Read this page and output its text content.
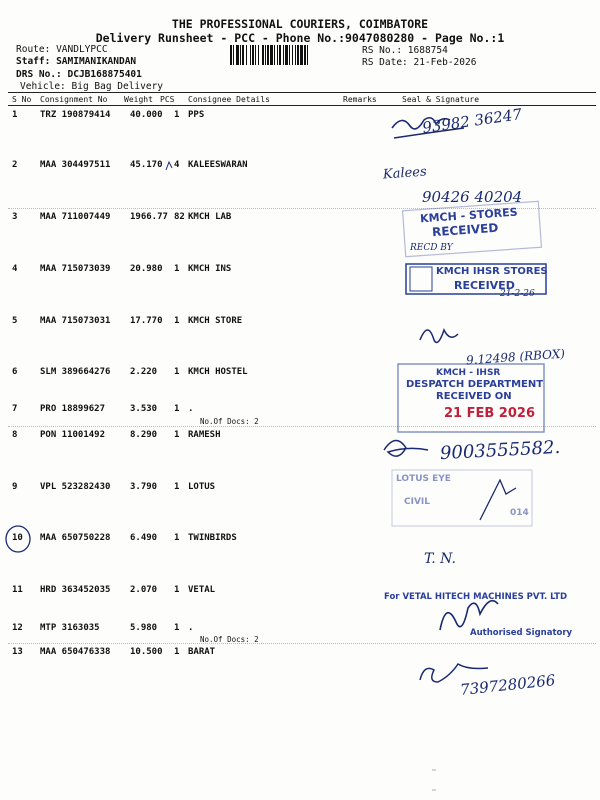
THE PROFESSIONAL COURIERS, COIMBATORE
Delivery Runsheet - PCC - Phone No.:9047080280 - Page No.:1
Route: VANDLYPCC
Staff: SAMIMANIKANDAN
DRS No.: DCJB168875401
Vehicle: Big Bag Delivery
RS No.: 1688754
RS Date: 21-Feb-2026
S No Consignment No Weight PCS Consignee Details	Remarks	Seal & Signature
1	TRZ 190879414 40.000 1 PPS
2	MAA 304497511 45.170 4 KALEESWARAN
3	MAA 711007449 1966.77 82 KMCH LAB
4	MAA 715073039 20.980 1 KMCH INS
5	MAA 715073031 17.770 1 KMCH STORE
6	SLM 389664276 2.220 1 KMCH HOSTEL
7	PRO 18899627	3.530 1 .
No.Of Docs: 2
8	PON 11001492	8.290 1 RAMESH
9	VPL 523282430 3.790 1 LOTUS
10 MAA 650750228 6.490 1 TWINBIRDS
11 HRD 363452035 2.070 1 VETAL
12 MTP 3163035	5.980 1 .
No.Of Docs: 2
13 MAA 650476338 10.500 1 BARAT
93982 36247
Kalees
90426 40204
KMCH - STORES
RECEIVED
RECD BY
KMCH IHSR STORES
RECEIVED
21-2-26
9.12498 (RBOX)
KMCH - IHSR
DESPATCH DEPARTMENT
RECEIVED ON
21 FEB 2026
9003555582.
LOTUS EYE
CIVIL
014
T. N.
For VETAL HITECH MACHINES PVT. LTD
Authorised Signatory
7397280266
